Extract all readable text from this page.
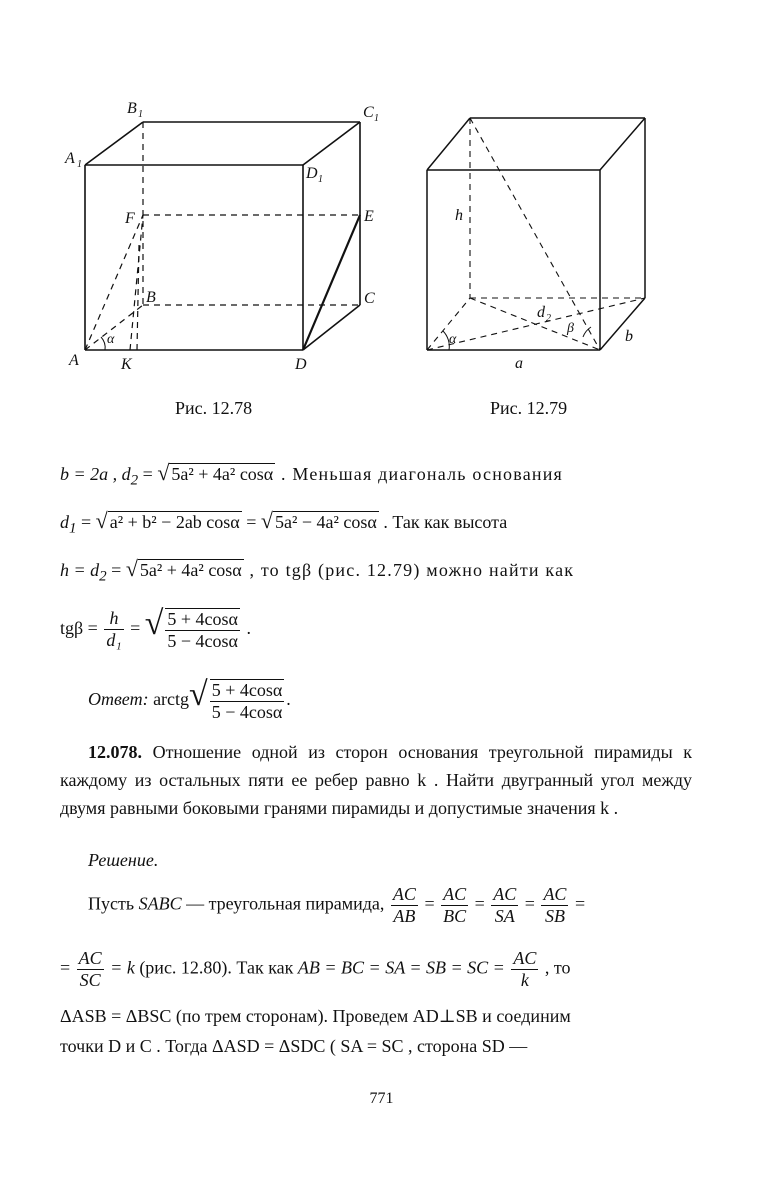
A	K	D
A 1
B 1	C 1
D 1
F	E
B	C
α
Рис. 12.78
h
d 2
a
b
α
β
Рис. 12.79
b = 2a , $d_2$ = √ 5a² + 4a² cosα . Меньшая диагональ основания
$d_1$ = √ a² + b² − 2ab cosα = √ 5a² − 4a² cosα . Так как высота
$h = d_2$ = √ 5a² + 4a² cosα , то tgβ (рис. 12.79) можно найти как
$tg\beta = \frac{h}{\text{d₁}}$ = √ $\frac{5 + 4\cos\alpha}{5 - 4\cos\alpha}$ .
Ответ: arctg√ $\frac{5 + 4\cos\alpha}{5 - 4\cos\alpha}$ .
12.078. Отношение одной из сторон основания треугольной пирамиды к каждому из остальных пяти ее ребер равно k . Найти двугранный угол между двумя равными боковыми гранями пирамиды и допустимые значения k .
Решение.
Пусть SABC — треугольная пирамида, $\frac{AC}{AB} = \frac{AC}{BC} = \frac{AC}{SA} = \frac{AC}{SB}$ =
= $\frac{AC}{SC} = k$ (рис. 12.80). Так как AB = BC = SA = SB = SC = $\frac{AC}{k}$ , то
ΔASB = ΔBSC (по трем сторонам). Проведем AD⊥SB и соединим
точки D и C . Тогда ΔASD = ΔSDC ( SA = SC , сторона SD —
771
